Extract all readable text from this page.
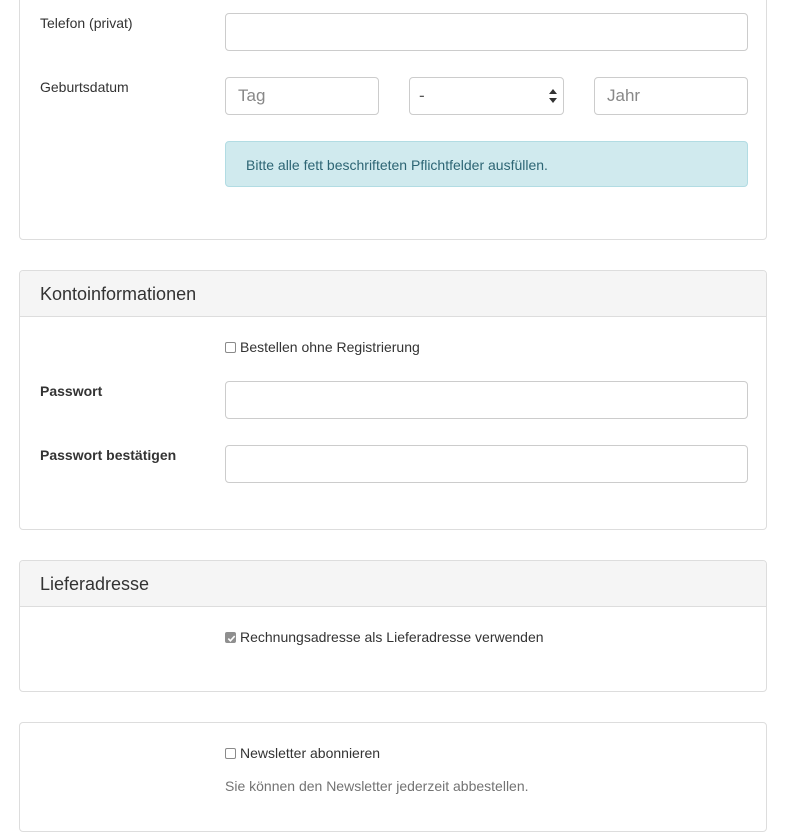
Telefon (privat)
Geburtsdatum
Tag	-
Jahr
Bitte alle fett beschrifteten Pflichtfelder ausfüllen.
Kontoinformationen
Bestellen ohne Registrierung
Passwort
Passwort bestätigen
Lieferadresse
Rechnungsadresse als Lieferadresse verwenden
Newsletter abonnieren
Sie können den Newsletter jederzeit abbestellen.
